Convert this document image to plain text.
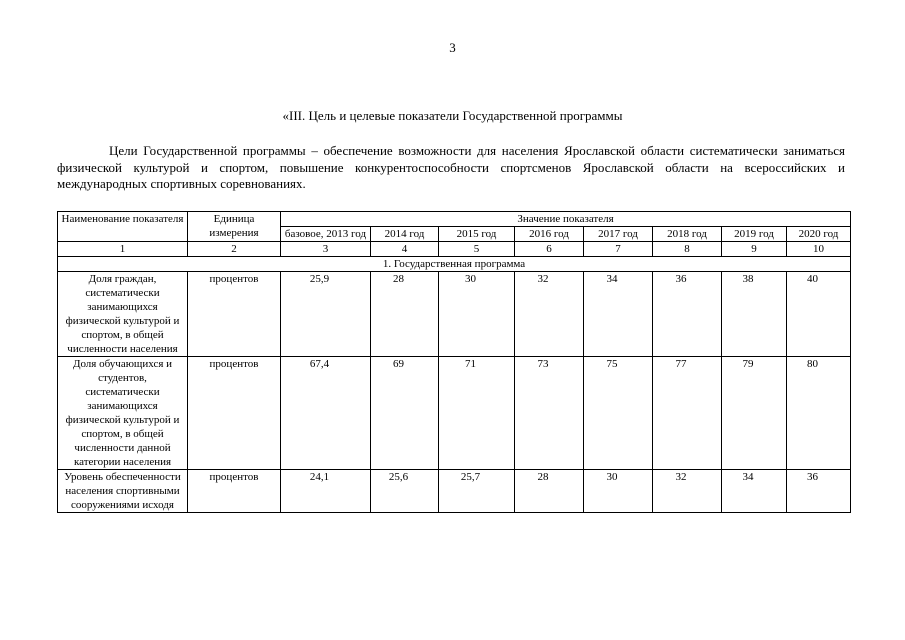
3
«III. Цель и целевые показатели Государственной программы

Цели Государственной программы – обеспечение возможности для населения Ярославской области систематически заниматься физической культурой и спортом, повышение конкурентоспособности спортсменов Ярославской области на всероссийских и международных спортивных соревнованиях.

Наименование показателя	Единица измерения	Значение показателя							
		базовое, 2013 год	2014 год	2015 год	2016 год	2017 год	2018 год	2019 год	2020 год
1	2	3	4	5	6	7	8	9	10
1. Государственная программа									
Доля граждан, систематически занимающихся физической культурой и спортом, в общей численности населения	процентов	25,9	28	30	32	34	36	38	40
Доля обучающихся и студентов, систематически занимающихся физической культурой и спортом, в общей численности данной категории населения	процентов	67,4	69	71	73	75	77	79	80
Уровень обеспеченности населения спортивными сооружениями исходя	процентов	24,1	25,6	25,7	28	30	32	34	36
